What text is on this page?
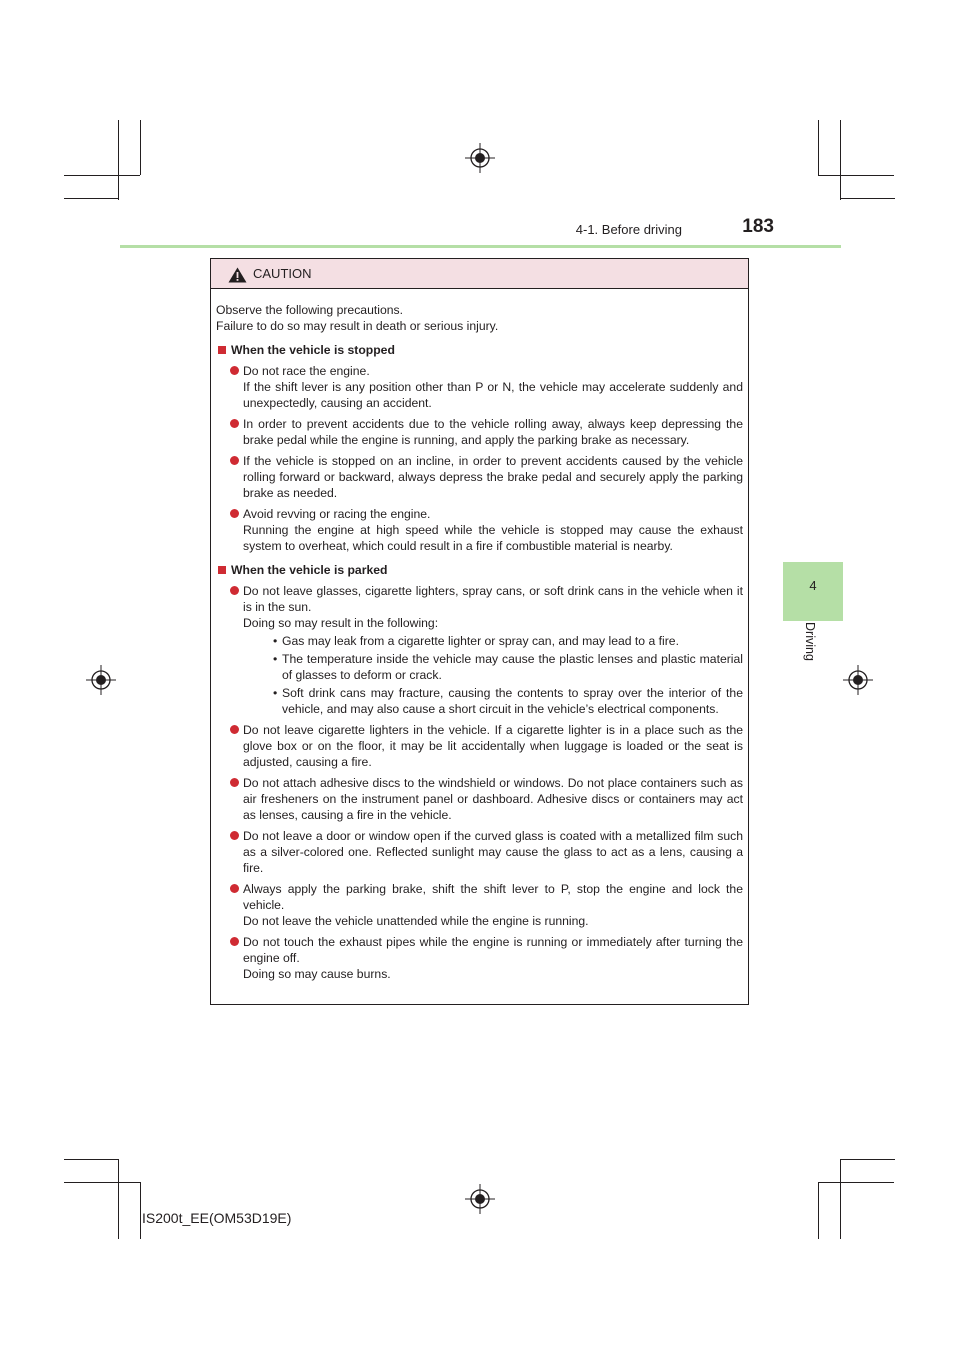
4-1. Before driving	183
4
Driving
CAUTION

Observe the following precautions.

Failure to do so may result in death or serious injury.

When the vehicle is stopped

Do not race the engine.

If the shift lever is any position other than P or N, the vehicle may accelerate suddenly and unexpectedly, causing an accident.

In order to prevent accidents due to the vehicle rolling away, always keep depressing the brake pedal while the engine is running, and apply the parking brake as necessary.

If the vehicle is stopped on an incline, in order to prevent accidents caused by the vehicle rolling forward or backward, always depress the brake pedal and securely apply the parking brake as needed.

Avoid revving or racing the engine.

Running the engine at high speed while the vehicle is stopped may cause the exhaust system to overheat, which could result in a fire if combustible material is nearby.

When the vehicle is parked

Do not leave glasses, cigarette lighters, spray cans, or soft drink cans in the vehicle when it is in the sun.

Doing so may result in the following:

• Gas may leak from a cigarette lighter or spray can, and may lead to a fire.
• The temperature inside the vehicle may cause the plastic lenses and plastic material of glasses to deform or crack.
• Soft drink cans may fracture, causing the contents to spray over the interior of the vehicle, and may also cause a short circuit in the vehicle’s electrical components.

Do not leave cigarette lighters in the vehicle. If a cigarette lighter is in a place such as the glove box or on the floor, it may be lit accidentally when luggage is loaded or the seat is adjusted, causing a fire.

Do not attach adhesive discs to the windshield or windows. Do not place containers such as air fresheners on the instrument panel or dashboard. Adhesive discs or containers may act as lenses, causing a fire in the vehicle.

Do not leave a door or window open if the curved glass is coated with a metallized film such as a silver-colored one. Reflected sunlight may cause the glass to act as a lens, causing a fire.

Always apply the parking brake, shift the shift lever to P, stop the engine and lock the vehicle.

Do not leave the vehicle unattended while the engine is running.

Do not touch the exhaust pipes while the engine is running or immediately after turning the engine off.

Doing so may cause burns.

IS200t_EE(OM53D19E)
